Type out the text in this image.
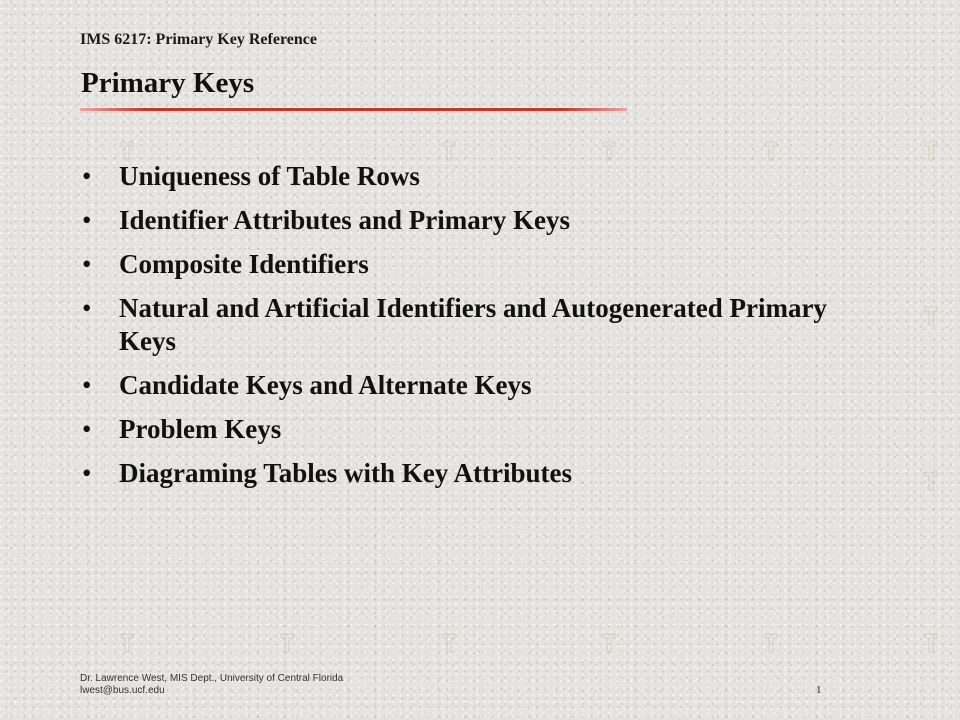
IMS 6217: Primary Key Reference
Primary Keys
• Uniqueness of Table Rows
• Identifier Attributes and Primary Keys
• Composite Identifiers
• Natural and Artificial Identifiers and Autogenerated Primary Keys
• Candidate Keys and Alternate Keys
• Problem Keys
• Diagraming Tables with Key Attributes
Dr. Lawrence West, MIS Dept., University of Central Florida
lwest@bus.ucf.edu	1
